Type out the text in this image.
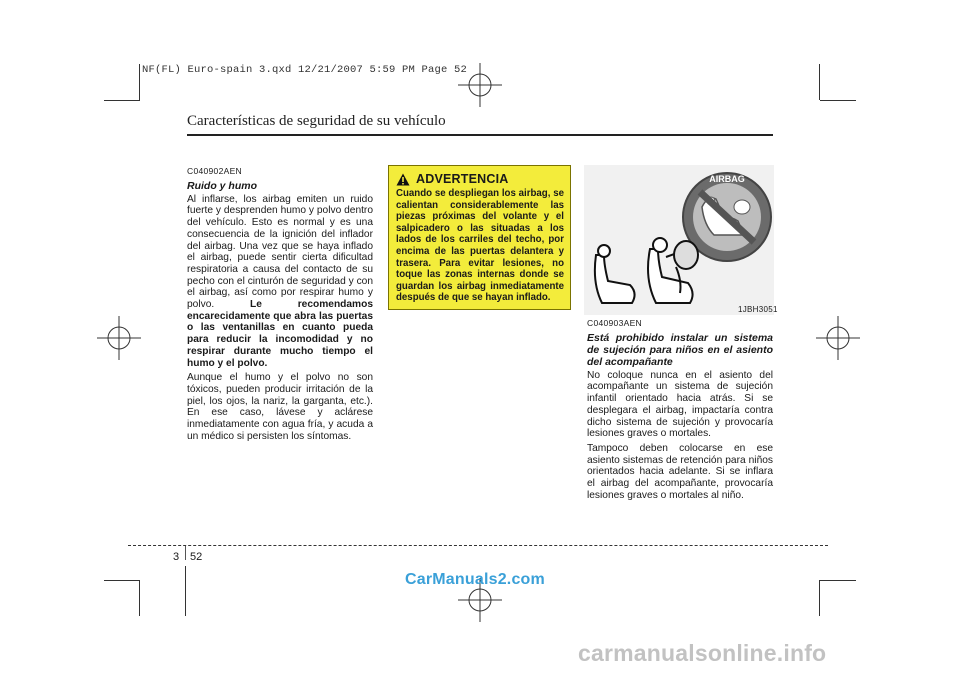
NF(FL) Euro-spain 3.qxd 12/21/2007 5:59 PM Page 52
Características de seguridad de su vehículo
C040902AEN
Ruido y humo

Al inflarse, los airbag emiten un ruido fuerte y desprenden humo y polvo dentro del vehículo. Esto es normal y es una consecuencia de la ignición del inflador del airbag. Una vez que se haya inflado el airbag, puede sentir cierta dificultad respiratoria a causa del contacto de su pecho con el cinturón de seguridad y con el airbag, así como por respirar humo y polvo. Le recomendamos encarecidamente que abra las puertas o las ventanillas en cuanto pueda para reducir la incomodidad y no respirar durante mucho tiempo el humo y el polvo.

Aunque el humo y el polvo no son tóxicos, pueden producir irritación de la piel, los ojos, la nariz, la garganta, etc.). En ese caso, lávese y aclárese inmediatamente con agua fría, y acuda a un médico si persisten los síntomas.

ADVERTENCIA
Cuando se despliegan los airbag, se calientan considerablemente las piezas próximas del volante y el salpicadero o las situadas a los lados de los carriles del techo, por encima de las puertas delantera y trasera. Para evitar lesiones, no toque las zonas internas donde se guardan los airbag inmediatamente después de que se hayan inflado.
AIRBAG
1JBH3051
C040903AEN
Está prohibido instalar un sistema de sujeción para niños en el asiento del acompañante

No coloque nunca en el asiento del acompañante un sistema de sujeción infantil orientado hacia atrás. Si se desplegara el airbag, impactaría contra dicho sistema de sujeción y provocaría lesiones graves o mortales.

Tampoco deben colocarse en ese asiento sistemas de retención para niños orientados hacia adelante. Si se inflara el airbag del acompañante, provocaría lesiones graves o mortales al niño.

3 52
CarManuals2.com
carmanualsonline.info
